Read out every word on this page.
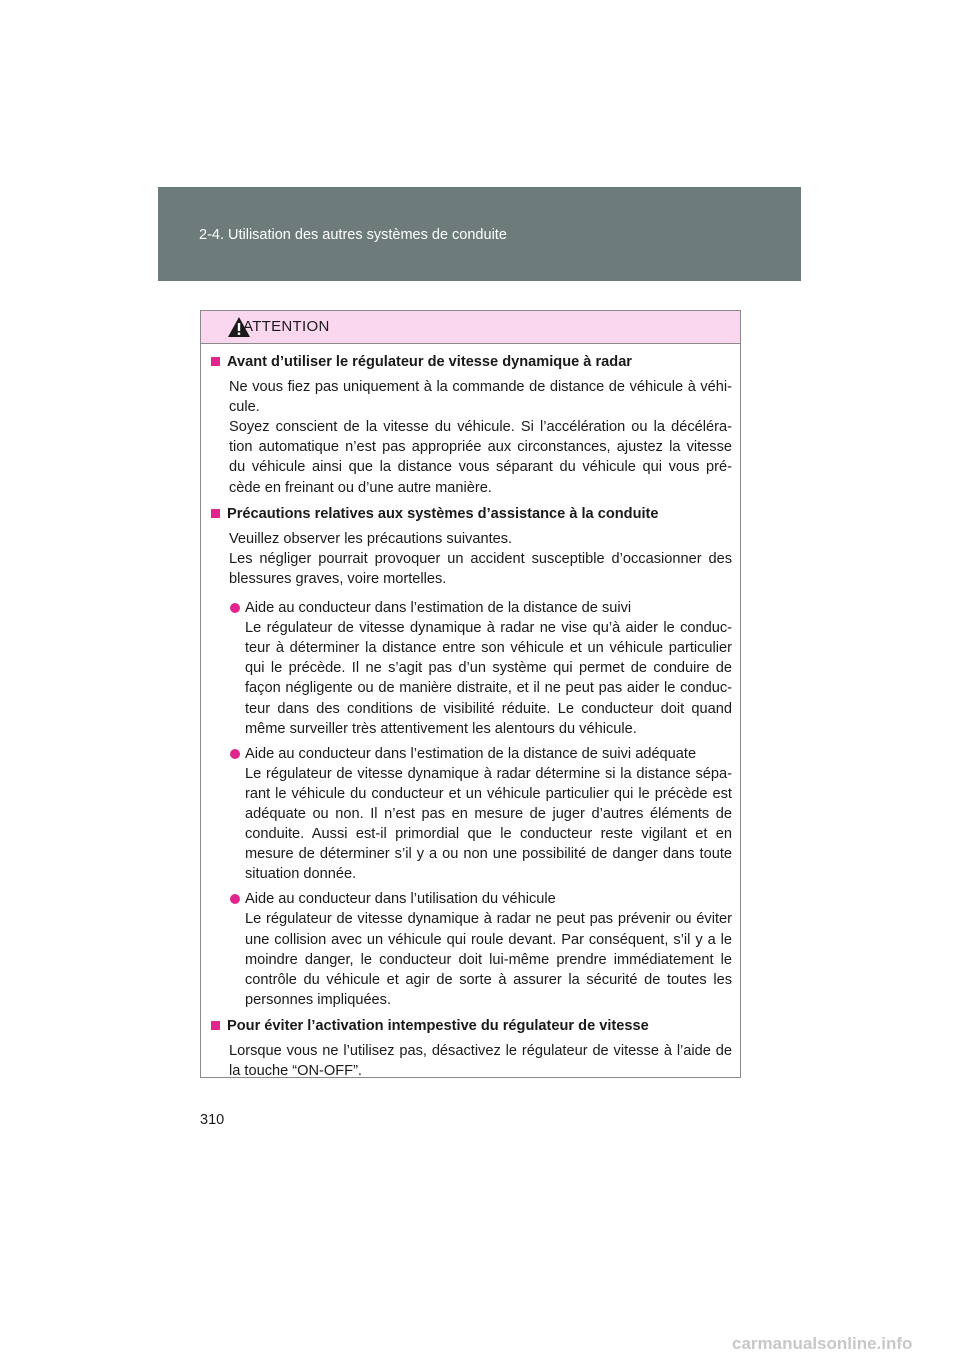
2-4. Utilisation des autres systèmes de conduite
ATTENTION
Avant d’utiliser le régulateur de vitesse dynamique à radar
Ne vous fiez pas uniquement à la commande de distance de véhicule à véhi-cule.
Soyez conscient de la vitesse du véhicule. Si l’accélération ou la décéléra-tion automatique n’est pas appropriée aux circonstances, ajustez la vitesse du véhicule ainsi que la distance vous séparant du véhicule qui vous pré-cède en freinant ou d’une autre manière.
Précautions relatives aux systèmes d’assistance à la conduite
Veuillez observer les précautions suivantes.
Les négliger pourrait provoquer un accident susceptible d’occasionner des blessures graves, voire mortelles.
Aide au conducteur dans l’estimation de la distance de suivi
Le régulateur de vitesse dynamique à radar ne vise qu’à aider le conduc-teur à déterminer la distance entre son véhicule et un véhicule particulier qui le précède. Il ne s’agit pas d’un système qui permet de conduire de façon négligente ou de manière distraite, et il ne peut pas aider le conduc-teur dans des conditions de visibilité réduite. Le conducteur doit quand même surveiller très attentivement les alentours du véhicule.
Aide au conducteur dans l’estimation de la distance de suivi adéquate
Le régulateur de vitesse dynamique à radar détermine si la distance sépa-rant le véhicule du conducteur et un véhicule particulier qui le précède est adéquate ou non. Il n’est pas en mesure de juger d’autres éléments de conduite. Aussi est-il primordial que le conducteur reste vigilant et en mesure de déterminer s’il y a ou non une possibilité de danger dans toute situation donnée.
Aide au conducteur dans l’utilisation du véhicule
Le régulateur de vitesse dynamique à radar ne peut pas prévenir ou éviter une collision avec un véhicule qui roule devant. Par conséquent, s’il y a le moindre danger, le conducteur doit lui-même prendre immédiatement le contrôle du véhicule et agir de sorte à assurer la sécurité de toutes les personnes impliquées.
Pour éviter l’activation intempestive du régulateur de vitesse
Lorsque vous ne l’utilisez pas, désactivez le régulateur de vitesse à l’aide de la touche “ON-OFF”.
310
carmanualsonline.info
